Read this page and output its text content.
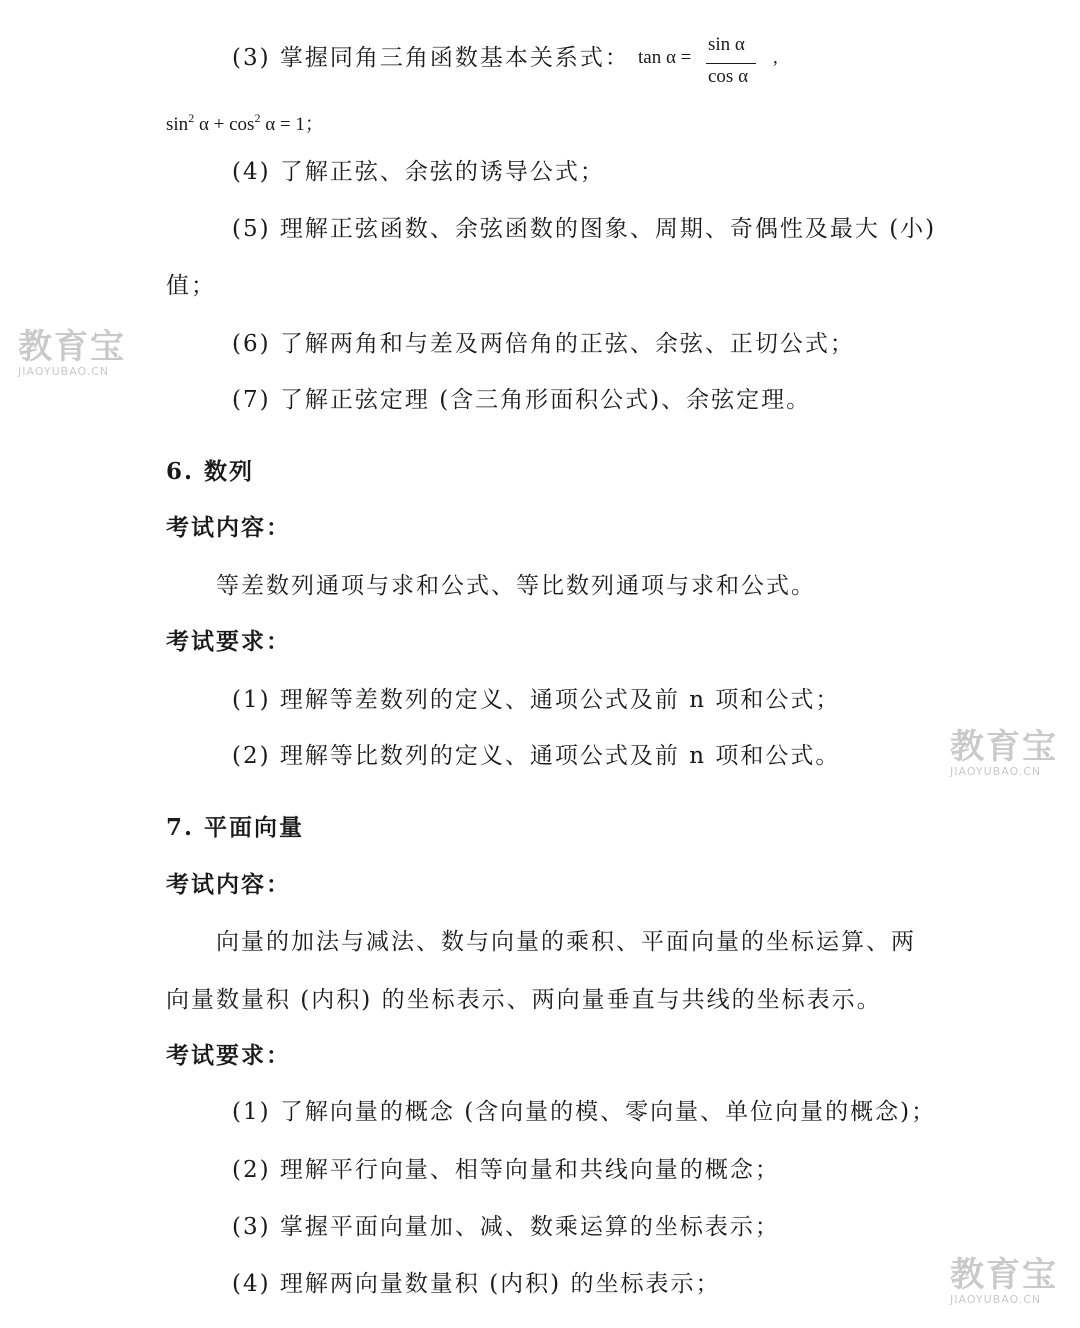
(3) 掌握同角三角函数基本关系式： tan α =
sin α
cos α
,
$\sin^2 \alpha + \cos^2 \alpha = 1$；
(4) 了解正弦、余弦的诱导公式；
(5) 理解正弦函数、余弦函数的图象、周期、奇偶性及最大 (小)
值；
(6) 了解两角和与差及两倍角的正弦、余弦、正切公式；
(7) 了解正弦定理 (含三角形面积公式)、余弦定理。
6. 数列
考试内容：
等差数列通项与求和公式、等比数列通项与求和公式。
考试要求：
(1) 理解等差数列的定义、通项公式及前 n 项和公式；
(2) 理解等比数列的定义、通项公式及前 n 项和公式。
7. 平面向量
考试内容：
向量的加法与减法、数与向量的乘积、平面向量的坐标运算、两
向量数量积 (内积) 的坐标表示、两向量垂直与共线的坐标表示。
考试要求：
(1) 了解向量的概念 (含向量的模、零向量、单位向量的概念)；
(2) 理解平行向量、相等向量和共线向量的概念；
(3) 掌握平面向量加、减、数乘运算的坐标表示；
(4) 理解两向量数量积 (内积) 的坐标表示；
教育宝
JIAOYUBAO.CN
教育宝
JIAOYUBAO.CN
教育宝
JIAOYUBAO.CN
